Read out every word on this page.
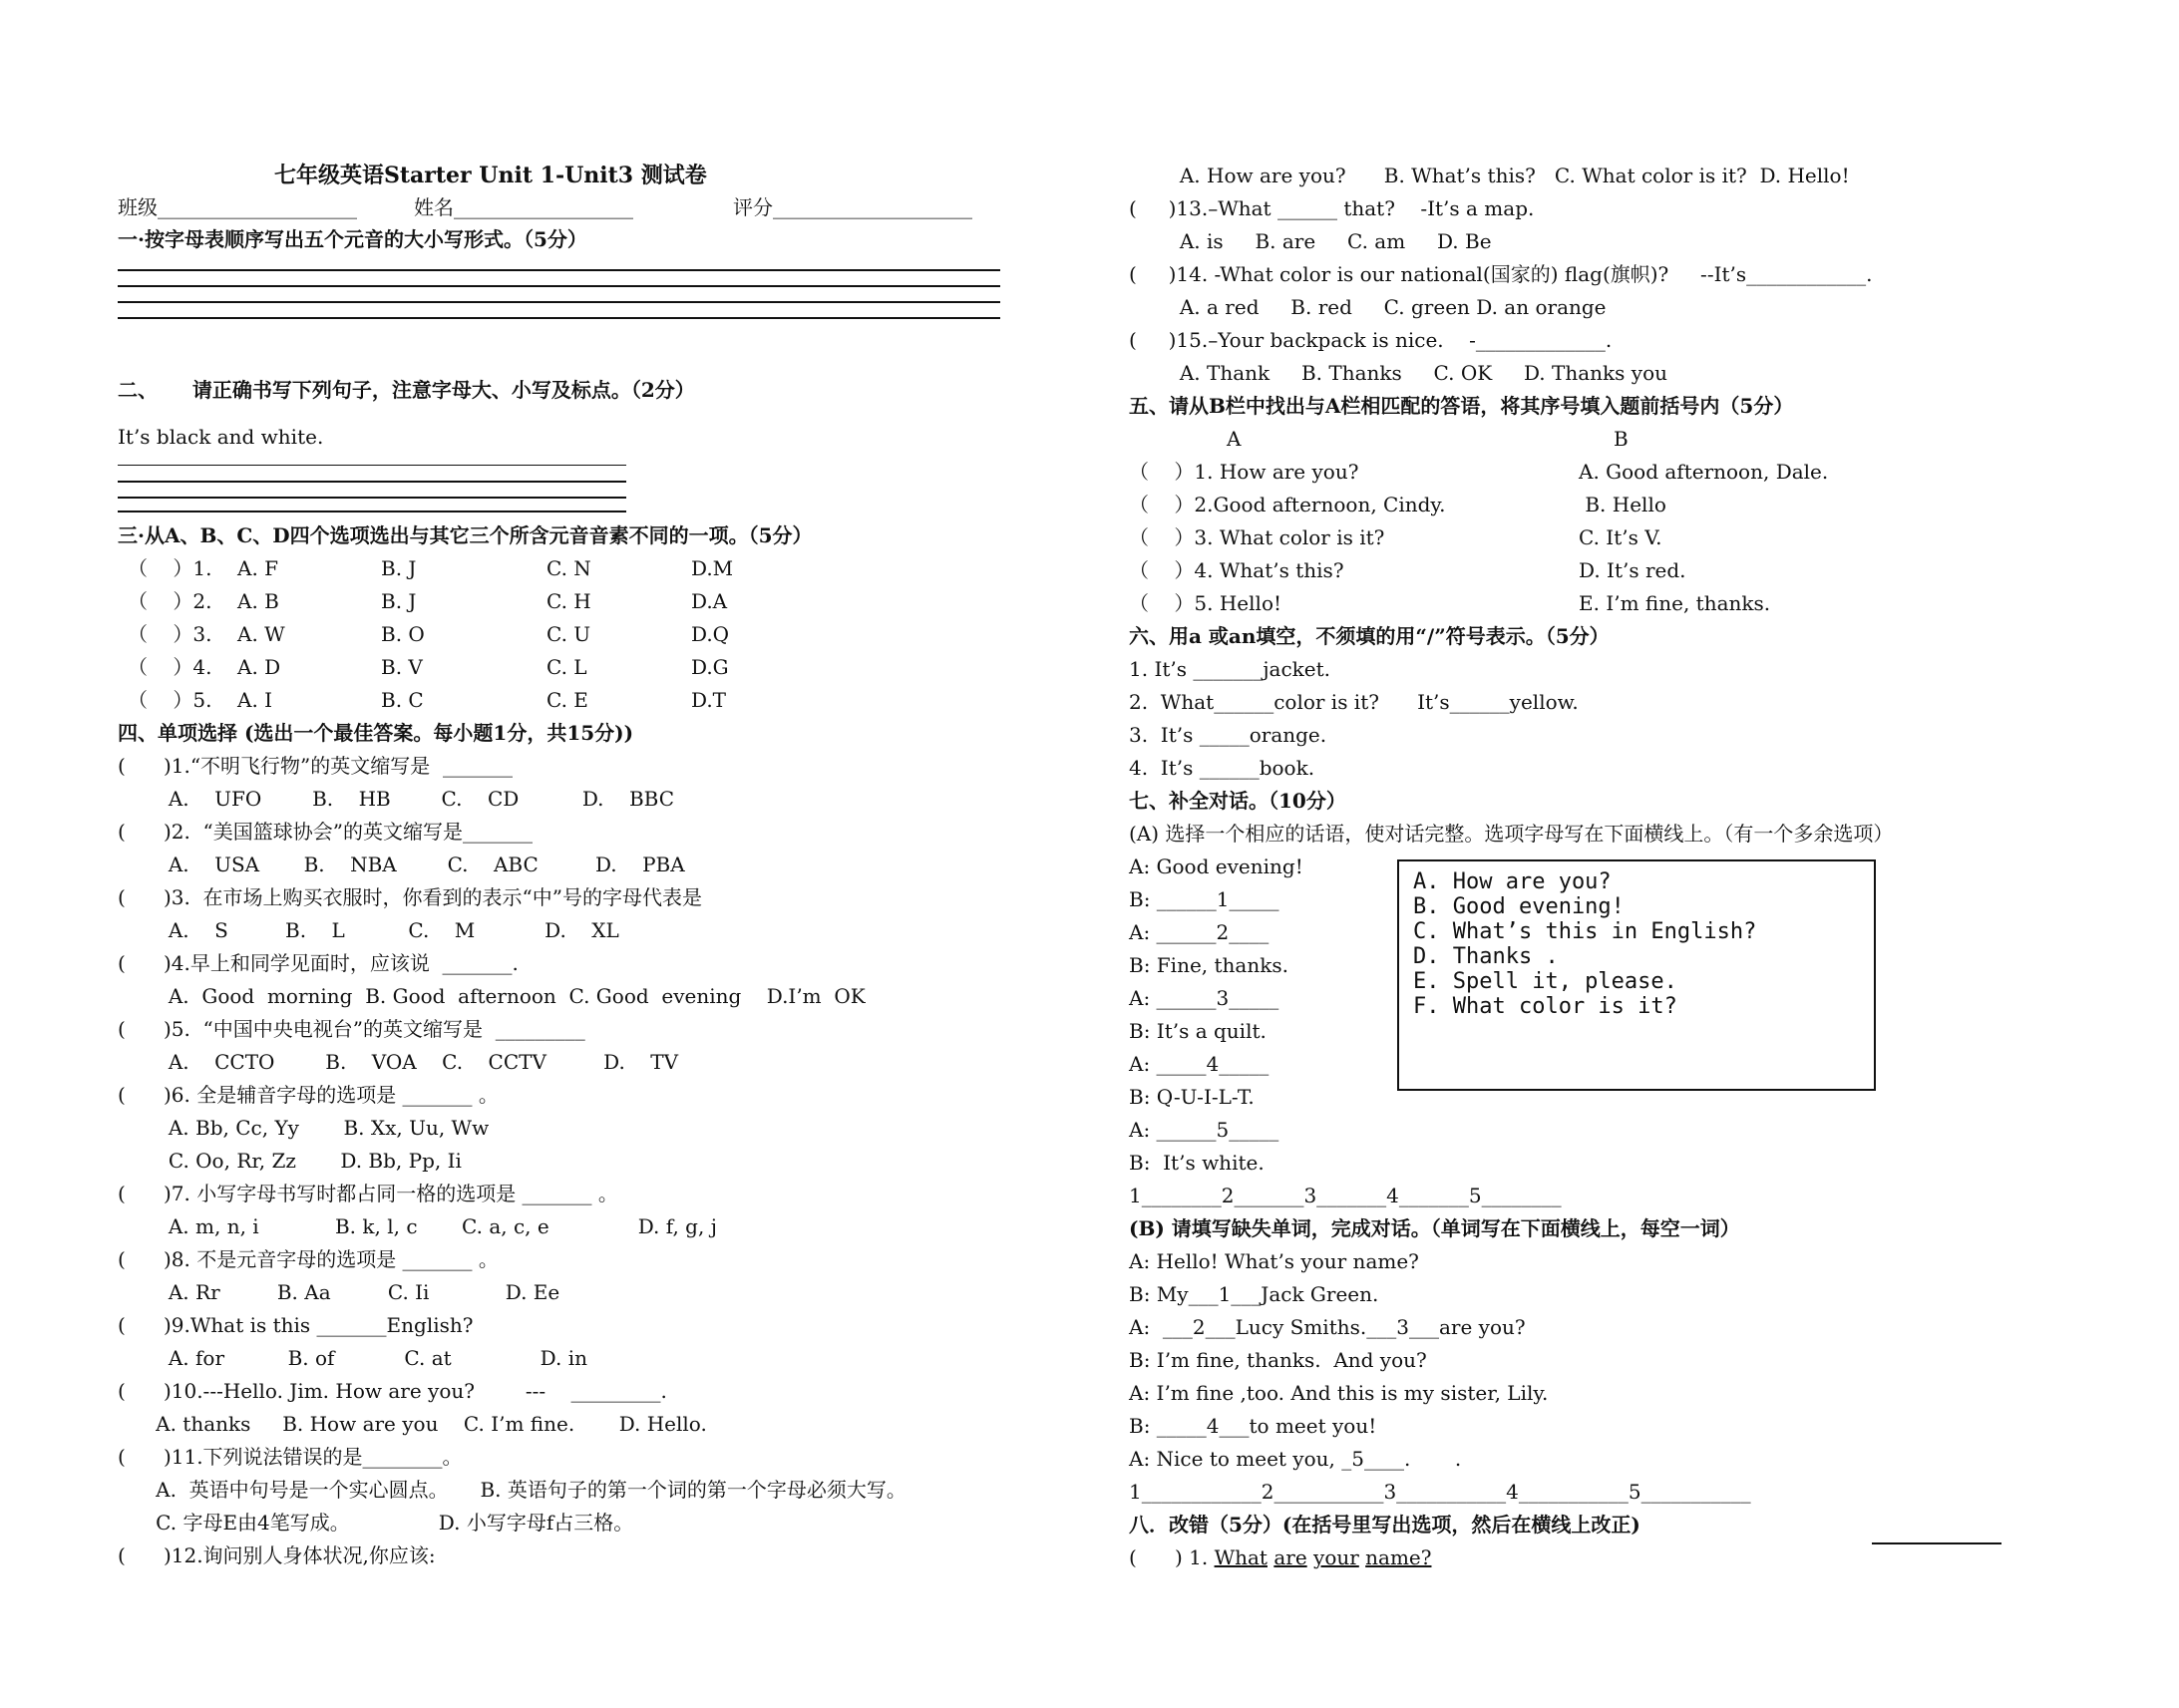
七年级英语Starter Unit 1-Unit3 测试卷
班级____________________	姓名__________________	评分____________________
一·按字母表顺序写出五个元音的大小写形式。（5分）
二、     请正确书写下列句子，注意字母大、小写及标点。（2分）
It’s black and white.
三·从A、B、C、D四个选项选出与其它三个所含元音音素不同的一项。（5分）
（    ）1. A. F	B. J	C. N	D.M
（    ）2. A. B	B. J	C. H	D.A
（    ）3. A. W	B. O	C. U	D.Q
（    ）4. A. D	B. V	C. L	D.G
（    ）5. A. I	B. C	C. E	D.T
四、单项选择 (选出一个最佳答案。每小题1分，共15分))
(      )1.“不明飞行物”的英文缩写是  _______
A.    UFO        B.    HB        C.    CD          D.    BBC
(      )2.  “美国篮球协会”的英文缩写是_______
A.    USA       B.    NBA        C.    ABC         D.    PBA
(      )3.  在市场上购买衣服时，你看到的表示“中”号的字母代表是
A.    S         B.    L          C.    M           D.    XL
(      )4.早上和同学见面时，应该说  _______.
A.  Good  morning  B. Good  afternoon  C. Good  evening    D.I’m  OK
(      )5.  “中国中央电视台”的英文缩写是  _________
A.    CCTO        B.    VOA    C.    CCTV         D.    TV
(      )6. 全是辅音字母的选项是 _______ 。
A. Bb, Cc, Yy       B. Xx, Uu, Ww
C. Oo, Rr, Zz       D. Bb, Pp, Ii
(      )7. 小写字母书写时都占同一格的选项是 _______ 。
A. m, n, i            B. k, l, c       C. a, c, e              D. f, g, j
(      )8. 不是元音字母的选项是 _______ 。
A. Rr         B. Aa         C. Ii            D. Ee
(      )9.What is this _______English?
A. for          B. of           C. at              D. in
(      )10.---Hello. Jim. How are you?        ---    _________.
A. thanks     B. How are you    C. I’m fine.       D. Hello.
(      )11.下列说法错误的是________。
A.  英语中句号是一个实心圆点。     B. 英语句子的第一个词的第一个字母必须大写。
C. 字母E由4笔写成。              D. 小写字母f占三格。
(      )12.询问别人身体状况,你应该:
A. How are you?      B. What’s this?   C. What color is it?  D. Hello!
(     )13.–What ______ that?    -It’s a map.
A. is     B. are     C. am     D. Be
(     )14. -What color is our national(国家的) flag(旗帜)?     --It’s____________.
A. a red     B. red     C. green D. an orange
(     )15.–Your backpack is nice.    -_____________.
A. Thank     B. Thanks     C. OK     D. Thanks you
五、请从B栏中找出与A栏相匹配的答语，将其序号填入题前括号内（5分）
A	B
（    ）1. How are you?	A. Good afternoon, Dale.
（    ）2.Good afternoon, Cindy.	B. Hello
（    ）3. What color is it?	C. It’s V.
（    ）4. What’s this?	D. It’s red.
（    ）5. Hello!	E. I’m fine, thanks.
六、用a 或an填空，不须填的用“/”符号表示。（5分）
1. It’s _______jacket.
2.  What______color is it?      It’s______yellow.
3.  It’s _____orange.
4.  It’s ______book.
七、补全对话。（10分）
(A) 选择一个相应的话语，使对话完整。选项字母写在下面横线上。（有一个多余选项）
A: Good evening!
B: ______1_____
A: ______2____
B: Fine, thanks.
A: ______3_____
B: It’s a quilt.
A: _____4_____
B: Q-U-I-L-T.
A: ______5_____
B:  It’s white.
1________2_______3_______4_______5________
A. How are you?
B. Good evening!
C. What’s this in English?
D. Thanks .
E. Spell it, please.
F. What color is it?
(B) 请填写缺失单词，完成对话。（单词写在下面横线上，每空一词）
A: Hello! What’s your name?
B: My___1___Jack Green.
A:  ___2___Lucy Smiths.___3___are you?
B: I’m fine, thanks.  And you?
A: I’m fine ,too. And this is my sister, Lily.
B: _____4___to meet you!
A: Nice to meet you, _5____.       .
1____________2___________3___________4___________5___________
八．改错（5分）(在括号里写出选项，然后在横线上改正)
(      ) 1. What are your name?
